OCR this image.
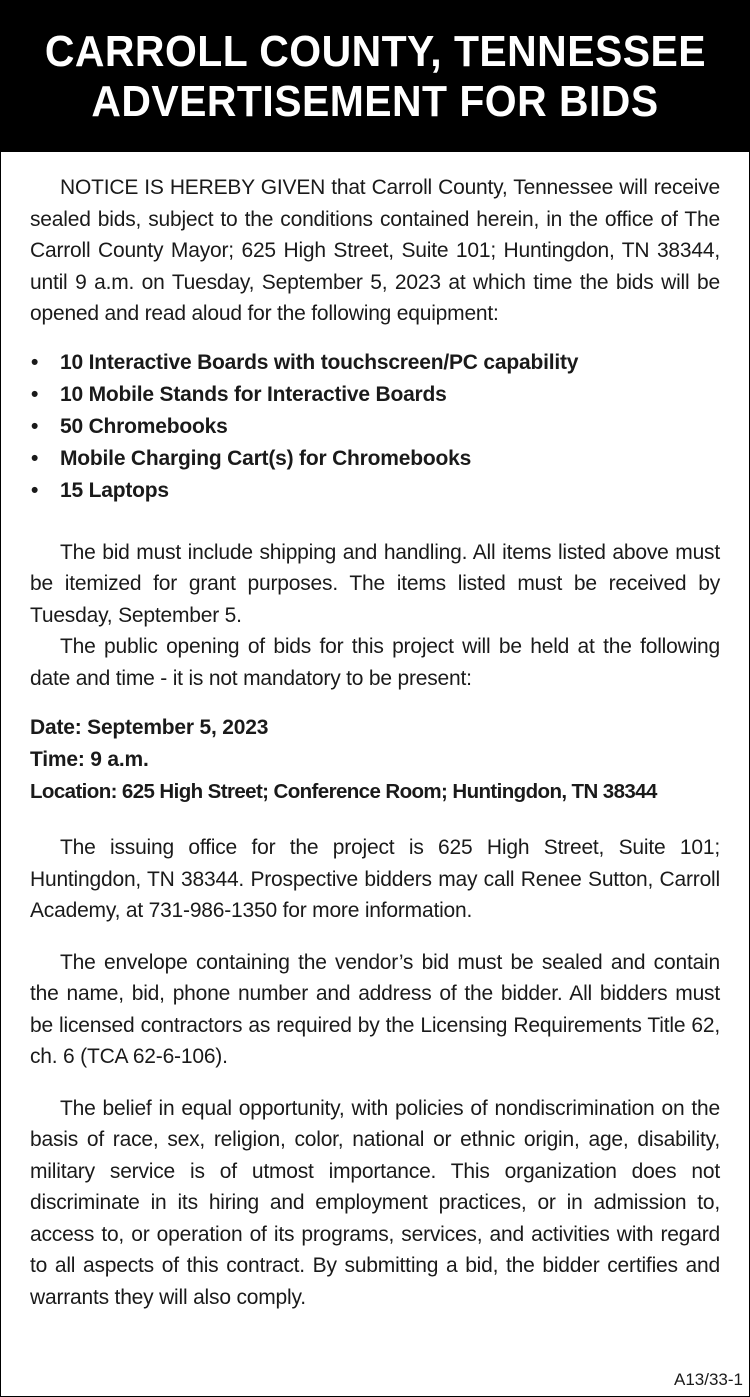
CARROLL COUNTY, TENNESSEE
ADVERTISEMENT FOR BIDS

NOTICE IS HEREBY GIVEN that Carroll County, Tennessee will receive sealed bids, subject to the conditions contained herein, in the office of The Carroll County Mayor; 625 High Street, Suite 101; Huntingdon, TN 38344, until 9 a.m. on Tuesday, September 5, 2023 at which time the bids will be opened and read aloud for the following equipment:

• 10 Interactive Boards with touchscreen/PC capability
• 10 Mobile Stands for Interactive Boards
• 50 Chromebooks
• Mobile Charging Cart(s) for Chromebooks
• 15 Laptops

The bid must include shipping and handling. All items listed above must be itemized for grant purposes. The items listed must be received by Tuesday, September 5.

The public opening of bids for this project will be held at the following date and time - it is not mandatory to be present:

Date: September 5, 2023
Time: 9 a.m.
Location: 625 High Street; Conference Room; Huntingdon, TN 38344

The issuing office for the project is 625 High Street, Suite 101; Huntingdon, TN 38344. Prospective bidders may call Renee Sutton, Carroll Academy, at 731-986-1350 for more information.

The envelope containing the vendor’s bid must be sealed and contain the name, bid, phone number and address of the bidder. All bidders must be licensed contractors as required by the Licensing Requirements Title 62, ch. 6 (TCA 62-6-106).

The belief in equal opportunity, with policies of nondiscrimination on the basis of race, sex, religion, color, national or ethnic origin, age, disability, military service is of utmost importance. This organization does not discriminate in its hiring and employment practices, or in admission to, access to, or operation of its programs, services, and activities with regard to all aspects of this contract. By submitting a bid, the bidder certifies and warrants they will also comply.

A13/33-1
